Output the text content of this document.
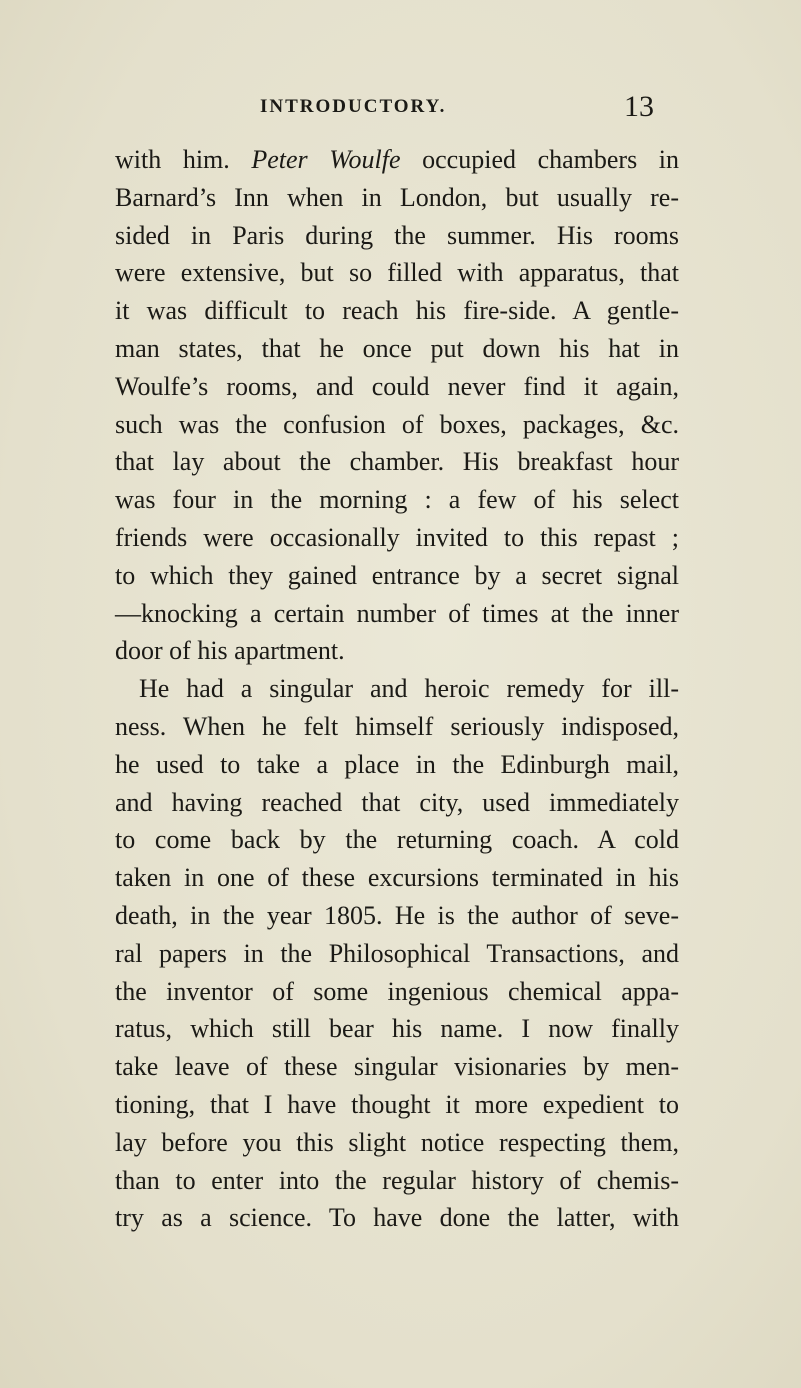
INTRODUCTORY.	13
with him. Peter Woulfe occupied chambers in
Barnard’s Inn when in London, but usually re-
sided in Paris during the summer. His rooms
were extensive, but so filled with apparatus, that
it was difficult to reach his fire-side. A gentle-
man states, that he once put down his hat in
Woulfe’s rooms, and could never find it again,
such was the confusion of boxes, packages, &c.
that lay about the chamber. His breakfast hour
was four in the morning : a few of his select
friends were occasionally invited to this repast ;
to which they gained entrance by a secret signal
—knocking a certain number of times at the inner
door of his apartment.
He had a singular and heroic remedy for ill-
ness. When he felt himself seriously indisposed,
he used to take a place in the Edinburgh mail,
and having reached that city, used immediately
to come back by the returning coach. A cold
taken in one of these excursions terminated in his
death, in the year 1805. He is the author of seve-
ral papers in the Philosophical Transactions, and
the inventor of some ingenious chemical appa-
ratus, which still bear his name. I now finally
take leave of these singular visionaries by men-
tioning, that I have thought it more expedient to
lay before you this slight notice respecting them,
than to enter into the regular history of chemis-
try as a science. To have done the latter, with
